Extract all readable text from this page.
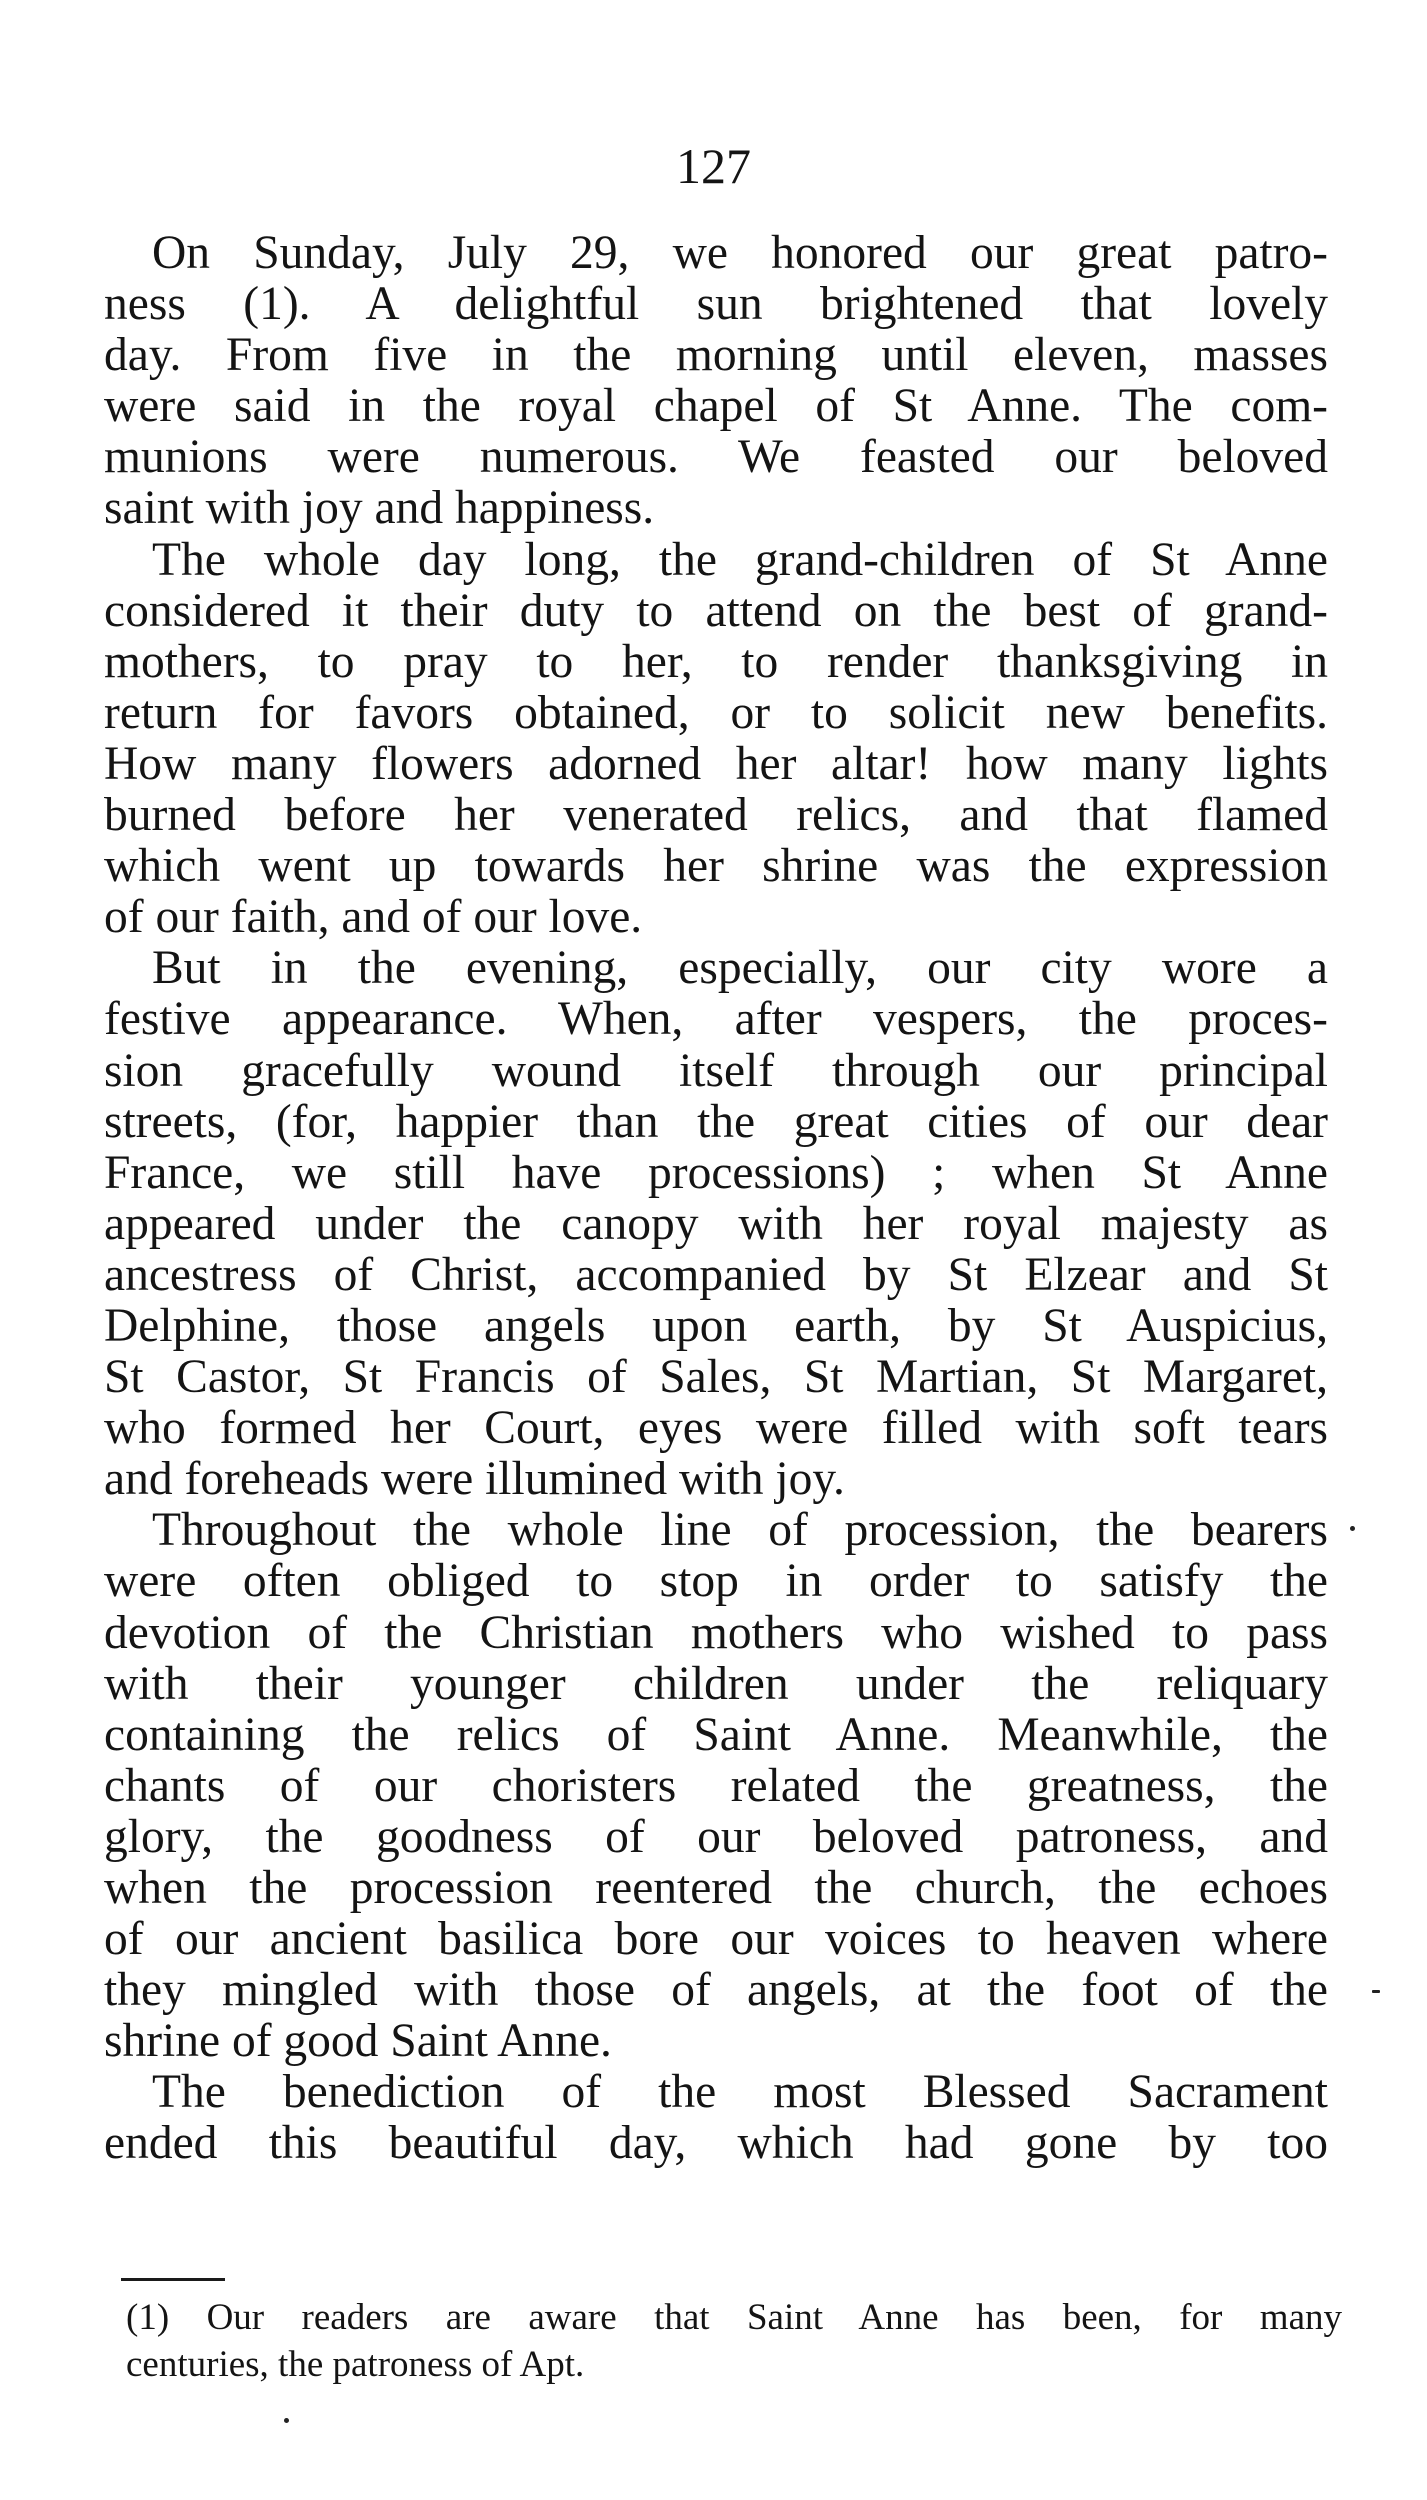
127

On Sunday, July 29, we honored our great patro-
ness (1). A delightful sun brightened that lovely
day. From five in the morning until eleven, masses
were said in the royal chapel of St Anne. The com-
munions were numerous. We feasted our beloved
saint with joy and happiness.

The whole day long, the grand-children of St Anne
considered it their duty to attend on the best of grand-
mothers, to pray to her, to render thanksgiving in
return for favors obtained, or to solicit new benefits.
How many flowers adorned her altar! how many lights
burned before her venerated relics, and that flamed
which went up towards her shrine was the expression
of our faith, and of our love.

But in the evening, especially, our city wore a
festive appearance. When, after vespers, the proces-
sion gracefully wound itself through our principal
streets, (for, happier than the great cities of our dear
France, we still have processions) ; when St Anne
appeared under the canopy with her royal majesty as
ancestress of Christ, accompanied by St Elzear and St
Delphine, those angels upon earth, by St Auspicius,
St Castor, St Francis of Sales, St Martian, St Margaret,
who formed her Court, eyes were filled with soft tears
and foreheads were illumined with joy.

Throughout the whole line of procession, the bearers
were often obliged to stop in order to satisfy the
devotion of the Christian mothers who wished to pass
with their younger children under the reliquary
containing the relics of Saint Anne. Meanwhile, the
chants of our choristers related the greatness, the
glory, the goodness of our beloved patroness, and
when the procession reentered the church, the echoes
of our ancient basilica bore our voices to heaven where
they mingled with those of angels, at the foot of the
shrine of good Saint Anne.

The benediction of the most Blessed Sacrament
ended this beautiful day, which had gone by too

(1) Our readers are aware that Saint Anne has been, for many
centuries, the patroness of Apt.
